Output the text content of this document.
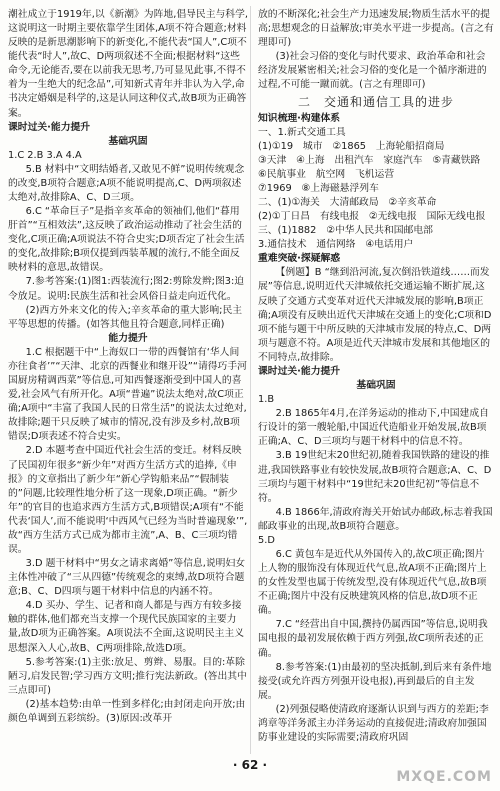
潮社成立于1919年,以《新潮》为阵地,倡导民主与科学,这说明这一时期主要依靠学生团体,A项不符合题意;材料反映的是新思潮影响下的新变化,不能代表“国人”,C项不能代表“时人”,故C、D两项叙述不全面;根据材料“这些命令,无论能否,要在以前我无思考,乃可显见此事,不得不着为一生绝大的纪念品”,可知新式青年并非认为入学,命书决定婚姻是科学的,这是认同这种仪式,故B项为正确答案。

课时过关·能力提升

基础巩固

1.C 2.B 3.A 4.A

5.B 材料中“文明结婚者,又敢见不鲜”说明传统观念的改变,B项符合题意;A项不能说明提高,C、D两项叙述太绝对,故排除A、C、D三项。

6.C “革命巨子”是指辛亥革命的领袖们,他们“暮用肝首”“互相效法”,这反映了政治运动推动了社会生活的变化,C项正确;A项说法不符合史实;D项否定了社会生活的变化,故排除;B项仅提到西装革履的流行,不能全面反映材料的意思,故错误。

7.参考答案:(1)图1:西装流行;图2:剪除发辫;图3:迫令放足。说明:民族生活和社会风俗日益走向近代化。

(2)西方外来文化的传入;辛亥革命的重大影响;民主平等思想的传播。(如答其他且符合题意,同样正确)

能力提升

1.C 根据题干中“上海奴口一带的西餐馆有‘华人间亦往食者’”“天津、北京的西餐业和继开设”“请得巧手河国厨房精调西菜”等信息,可知西餐逐渐受到中国人的喜爱,社会风气有所开化。A项“普遍”说法太绝对,故C项正确;A项中“丰富了我国人民的日常生活”的说法太过绝对,故排除;题干只反映了城市的情况,没有涉及乡村,故B项错误;D项表述不符合史实。

2.D 本题考查中国近代社会生活的变迁。材料反映了民国初年很多“新少年”对西方生活方式的追捧,《申报》的文章指出了新少年“新心学钩船来品”“假制装的”问题,比较理性地分析了这一现象,D项正确。“新少年”的官目的也追求西方生活方式,B项错误;A项有“不能代表‘国人’,而不能说明‘中西风气已经为当时普遍现象’”,故“西方生活方式已成为都市主流”,A、B、C三项均错误。

3.D 题干材料中“男女之请求离婚”等信息,说明妇女主体性冲破了“三从四德”传统观念的束缚,故D项符合题意;B、C、D四项与题干材料中信息的内涵不符。

4.D 买办、学生、记者和商人都是与西方有较多接触的群体,他们都充当支撑一个现代民族国家的主要力量,故D项为正确答案。A项说法不全面,这说明民主主义思想深入人心,故B、C两项排除,故选D项。

5.参考答案:(1)主张:放足、剪辫、易服。目的:革除陋习,启发民智;学习西方文明;推行宪法新政。(答出其中三点即可)

(2)基本趋势:由单一性到多样化;由封闭走向开放;由颜色单调到五彩缤纷。(3)原因:改革开

放的不断深化;社会生产力迅速发展;物质生活水平的提高;思想观念的日益解放;审美水平进一步提高。(言之有理即可)

(3)社会习俗的变化与时代要求、政治革命和社会经济发展紧密相关;社会习俗的变化是一个循序渐进的过程,不可能一蹴而就。(言之有理即可)

二　交通和通信工具的进步

知识梳理·构建体系

一、1.新式交通工具

(1)①19　城市　②1865　上海轮船招商局

③天津　④上海　出租汽车　家庭汽车　⑤青藏铁路　⑥民航事业　航空网　飞机运营

⑦1969　⑧上海磁悬浮列车

二、(1)①海关　大清邮政局　②辛亥革命

(2)①丁日昌　有线电报　②无线电报　国际无线电报

三、(1)1882　②中华人民共和国邮电部

3.通信技术　通信网络　④电话用户

重难突破·探疑解惑

【例题】B “继到沿河流,复次倒沿铁道线……而发展”等信息,说明近代天津城依托交通运输不断扩展,这反映了交通方式变革对近代天津城发展的影响,B项正确;A项没有反映出近代天津城在交通上的变化;C项和D项不能与题干中所反映的天津城市发展的特点,C、D两项与题意不符。A项是近代天津城市发展和其他地区的不同特点,故排除。

课时过关·能力提升

基础巩固

1.B

2.B 1865年4月,在洋务运动的推动下,中国建成自行设计的第一艘轮船,中国近代造船业开始发展,故B项正确;A、C、D三项均与题干材料中的信息不符。

3.B 19世纪末20世纪初,随着我国铁路的建设的推进,我国铁路事业有较快发展,故B项符合题意;A、C、D三项均与题干材料中“19世纪末20世纪初”等信息不符。

4.B 1866年,清政府海关开始试办邮政,标志着我国邮政事业的出现,故B项符合题意。

5.D

6.C 黄包车是近代从外国传入的,故C项正确;图片上人物的服饰没有体现近代气息,故A项不正确;图片上的女性发型也属于传统发型,没有体现近代气息,故B项不正确;图片中没有反映建筑风格的信息,故D项不正确。

7.C “经营出自中国,撰持仍属西国”等信息,说明我国电报的最初发展依赖于西方列强,故C项所表述的正确。

8.参考答案:(1)由最初的坚决抵制,到后来有条件地接受(或允许西方列强开设电报),再到最后的自主发展。

(2)列强侵略使清政府逐渐认识到与西方的差距;李鸿章等洋务派主办洋务运动的直接促进;清政府加强国防事业建设的实际需要;清政府巩固

· 62 ·
MXQE.COM
